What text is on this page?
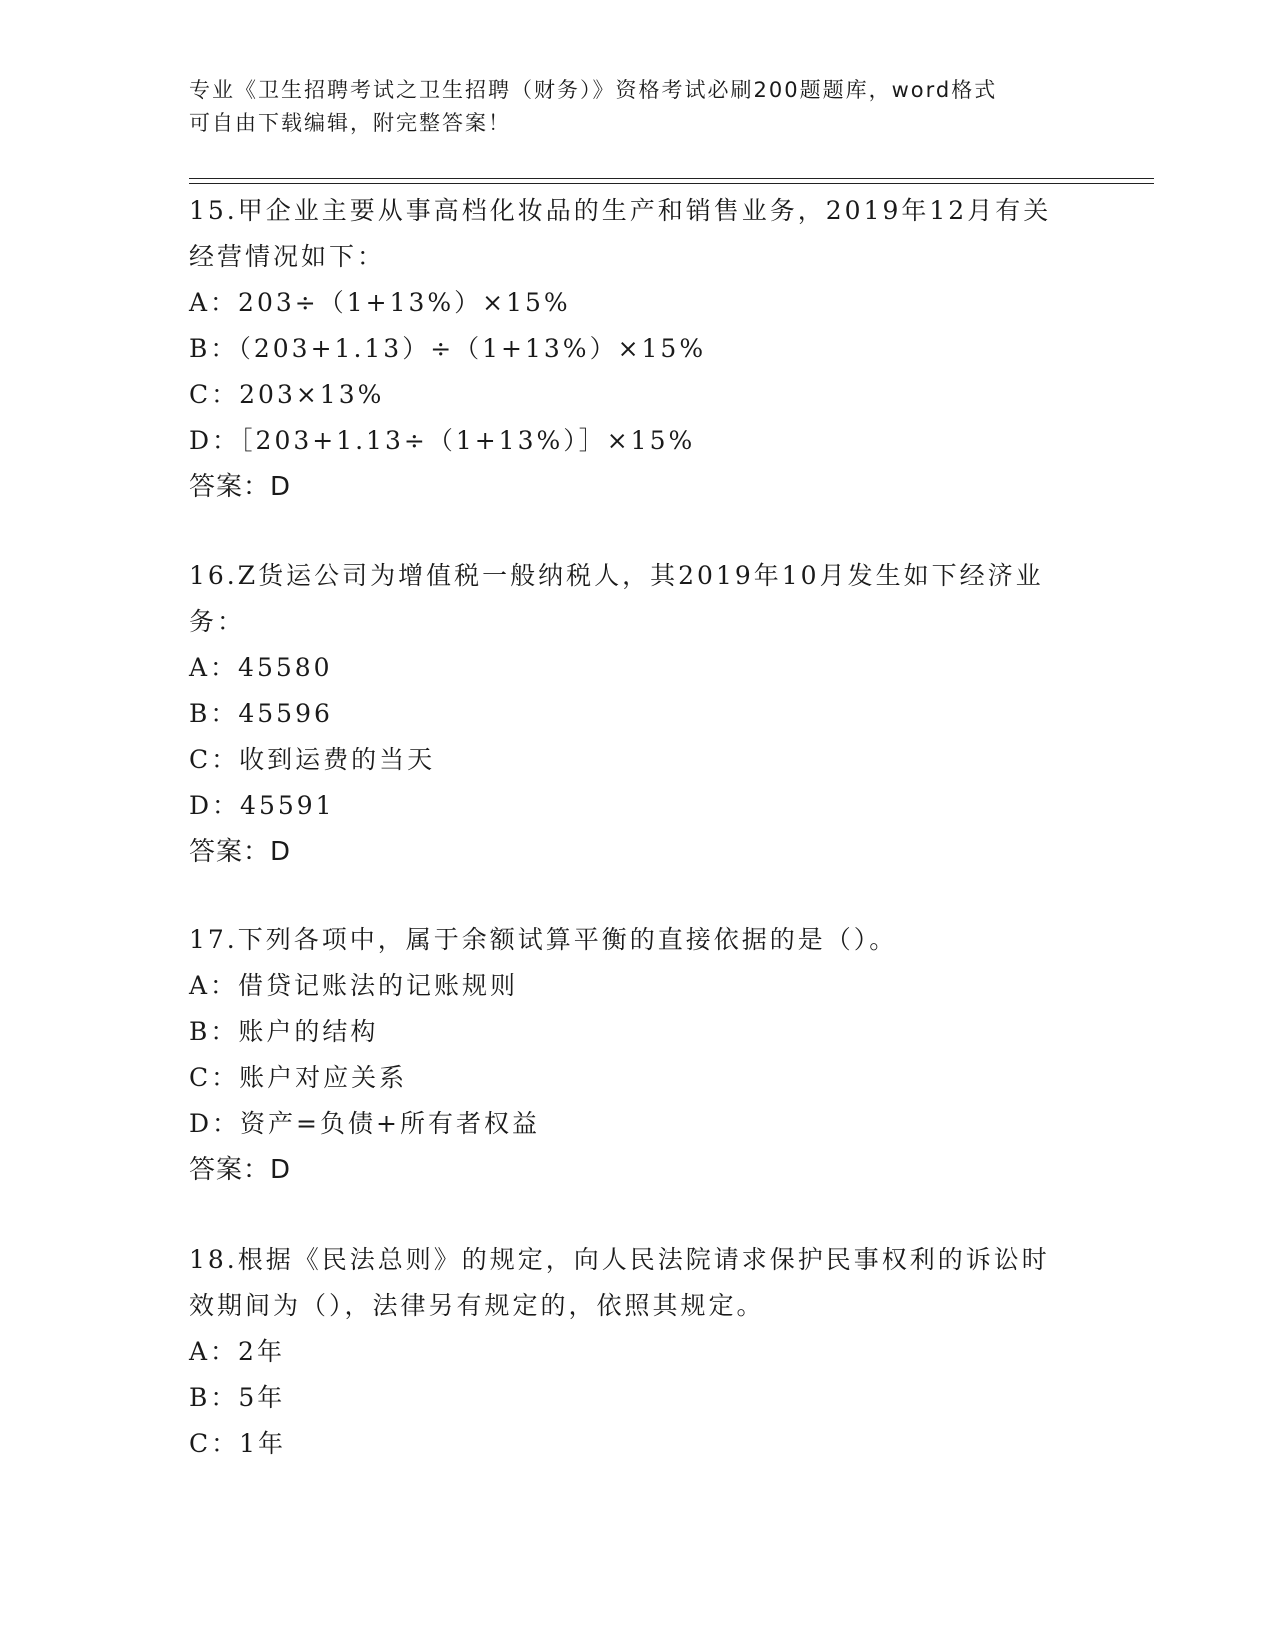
专业《卫生招聘考试之卫生招聘（财务）》资格考试必刷200题题库，word格式
可自由下载编辑，附完整答案！
15.甲企业主要从事高档化妆品的生产和销售业务，2019年12月有关
经营情况如下：
A：203÷（1+13%）×15%
B：（203+1.13）÷（1+13%）×15%
C：203×13%
D：［203+1.13÷（1+13%）］×15%
答案：D
16.Z货运公司为增值税一般纳税人，其2019年10月发生如下经济业
务：
A：45580
B：45596
C：收到运费的当天
D：45591
答案：D
17.下列各项中，属于余额试算平衡的直接依据的是（）。
A：借贷记账法的记账规则
B：账户的结构
C：账户对应关系
D：资产=负债+所有者权益
答案：D
18.根据《民法总则》的规定，向人民法院请求保护民事权利的诉讼时
效期间为（），法律另有规定的，依照其规定。
A：2年
B：5年
C：1年
